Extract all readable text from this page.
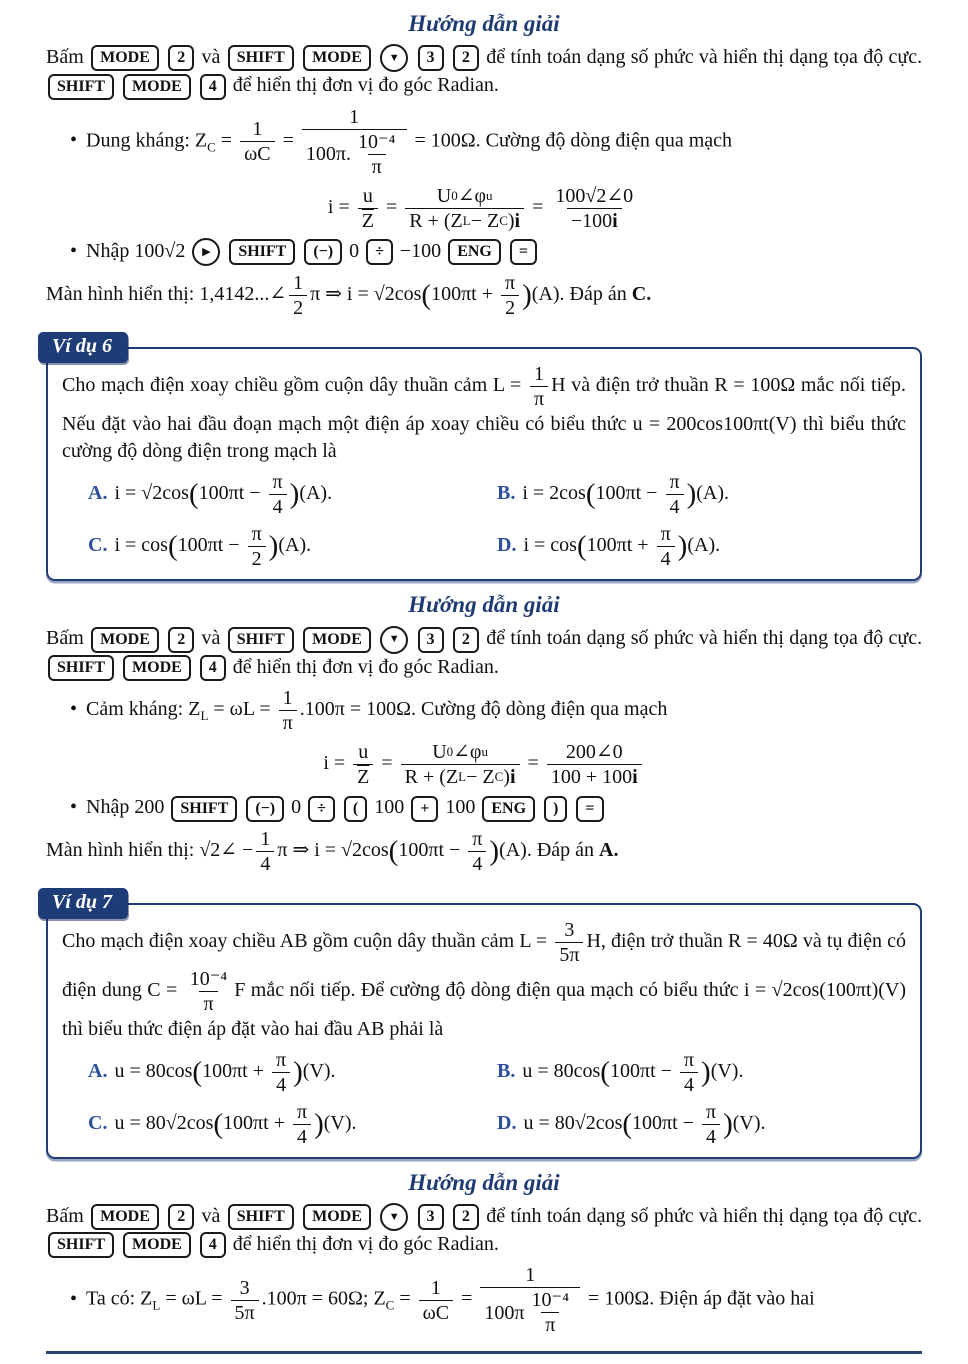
Hướng dẫn giải

Bấm MODE 2 và SHIFT MODE ▼ 3 2 để tính toán dạng số phức và hiển thị dạng tọa độ cực. SHIFT MODE 4 để hiển thị đơn vị đo góc Radian.

• Dung kháng: $Z_C = \frac{1}{\omega C} = \frac{1}{100\pi. \frac{\text{10⁻⁴}}{\pi}} = 100\Omega$. Cường độ dòng điện qua mạch
$i = \frac{u}{Z} = \frac{\text{U 0 ∠φ u}}{\text{R + (Z L − Z C ) i}} = \frac{100√2\angle 0}{-100 i}$
• Nhập 100√2 ▶ SHIFT (−) 0 ÷ −100 ENG =
Màn hình hiển thị: 1,4142...∠ $\frac{1}{2}$ π ⇒ $i = √2\cos(100\pi t + \frac{\pi}{2} )(A)$. Đáp án C.
Ví dụ 6

Cho mạch điện xoay chiều gồm cuộn dây thuần cảm $L = \frac{1}{\pi}$ H và điện trở thuần R = 100Ω mắc nối tiếp. Nếu đặt vào hai đầu đoạn mạch một điện áp xoay chiều có biểu thức u = 200cos100πt(V) thì biểu thức cường độ dòng điện trong mạch là

A. $i = √2\cos(100\pi t - \frac{\pi}{4} )(A)$.	B. $i = 2\cos(100\pi t - \frac{\pi}{4} )(A)$.
C. $i = \cos(100\pi t - \frac{\pi}{2} )(A)$.	D. $i = \cos(100\pi t + \frac{\pi}{4} )(A)$.
Hướng dẫn giải

Bấm MODE 2 và SHIFT MODE ▼ 3 2 để tính toán dạng số phức và hiển thị dạng tọa độ cực. SHIFT MODE 4 để hiển thị đơn vị đo góc Radian.

• Cảm kháng: $Z_L = \omega L = \frac{1}{\pi} .100\pi = 100\Omega$. Cường độ dòng điện qua mạch
$i = \frac{u}{Z} = \frac{\text{U 0 ∠φ u}}{\text{R + (Z L − Z C ) i}} = \frac{200\angle 0}{100 + 100 i}$
• Nhập 200 SHIFT (−) 0 ÷ ( 100 + 100 ENG ) =
Màn hình hiển thị: √2∠ − $\frac{1}{4}$ π ⇒ $i = √2\cos(100\pi t - \frac{\pi}{4} )(A)$. Đáp án A.
Ví dụ 7

Cho mạch điện xoay chiều AB gồm cuộn dây thuần cảm $L = \frac{3}{5\pi} H$, điện trở thuần R = 40Ω và tụ điện có điện dung $C = \frac{\text{10⁻⁴}}{\pi}$ F mắc nối tiếp. Để cường độ dòng điện qua mạch có biểu thức i = √2cos(100πt)(V) thì biểu thức điện áp đặt vào hai đầu AB phải là

A. $u = 80\cos(100\pi t + \frac{\pi}{4} )(V)$.	B. $u = 80\cos(100\pi t - \frac{\pi}{4} )(V)$.
C. $u = 80√2\cos(100\pi t + \frac{\pi}{4} )(V)$.	D. $u = 80√2\cos(100\pi t - \frac{\pi}{4} )(V)$.
Hướng dẫn giải

Bấm MODE 2 và SHIFT MODE ▼ 3 2 để tính toán dạng số phức và hiển thị dạng tọa độ cực. SHIFT MODE 4 để hiển thị đơn vị đo góc Radian.

• Ta có: $Z_L = \omega L = \frac{3}{5\pi} .100\pi = 60\Omega$; $Z_C = \frac{1}{\omega C} = \frac{1}{100\pi \frac{\text{10⁻⁴}}{\pi}} = 100\Omega$. Điện áp đặt vào hai
